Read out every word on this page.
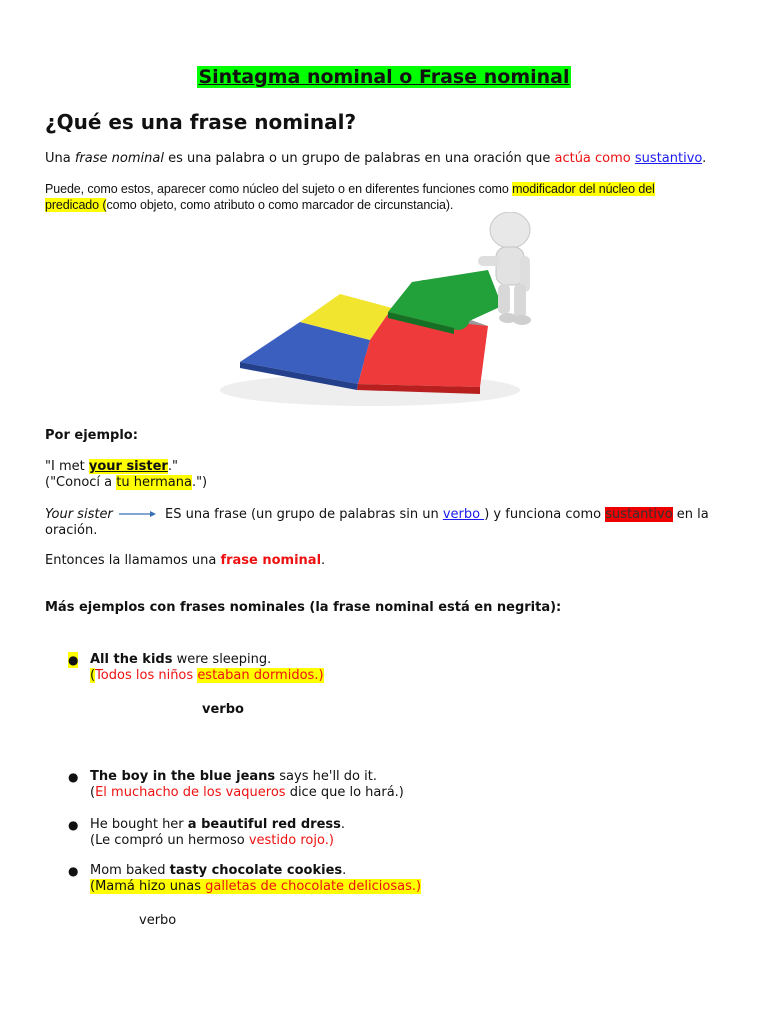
Sintagma nominal o Frase nominal
¿Qué es una frase nominal?
Una frase nominal es una palabra o un grupo de palabras en una oración que actúa como sustantivo.
Puede, como estos, aparecer como núcleo del sujeto o en diferentes funciones como modificador del núcleo del
predicado (como objeto, como atributo o como marcador de circunstancia).
Por ejemplo:
"I met your sister."
("Conocí a tu hermana.")
Your sister	ES una frase (un grupo de palabras sin un verbo ) y funciona como sustantivo en la
oración.
Entonces la llamamos una frase nominal.
Más ejemplos con frases nominales (la frase nominal está en negrita):
● All the kids were sleeping.
(Todos los niños estaban dormidos.)
verbo
● The boy in the blue jeans says he'll do it.
(El muchacho de los vaqueros dice que lo hará.)
● He bought her a beautiful red dress.
(Le compró un hermoso vestido rojo.)
● Mom baked tasty chocolate cookies.
(Mamá hizo unas galletas de chocolate deliciosas.)
verbo
